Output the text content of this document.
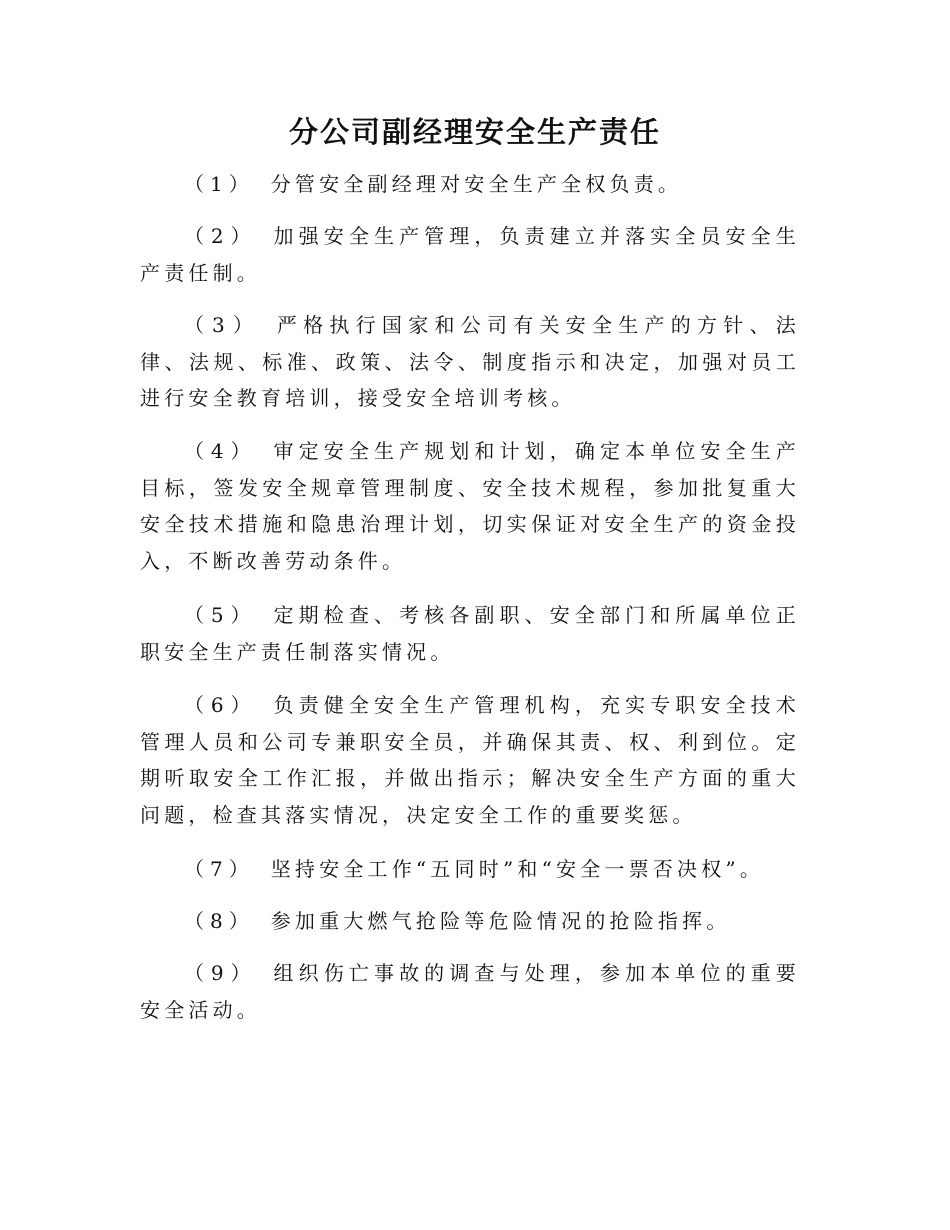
分公司副经理安全生产责任

（1） 分管安全副经理对安全生产全权负责。

（2） 加强安全生产管理，负责建立并落实全员安全生产责任制。

（3） 严格执行国家和公司有关安全生产的方针、法律、法规、标准、政策、法令、制度指示和决定，加强对员工进行安全教育培训，接受安全培训考核。

（4） 审定安全生产规划和计划，确定本单位安全生产目标，签发安全规章管理制度、安全技术规程，参加批复重大安全技术措施和隐患治理计划，切实保证对安全生产的资金投入，不断改善劳动条件。

（5） 定期检查、考核各副职、安全部门和所属单位正职安全生产责任制落实情况。

（6） 负责健全安全生产管理机构，充实专职安全技术管理人员和公司专兼职安全员，并确保其责、权、利到位。定期听取安全工作汇报，并做出指示；解决安全生产方面的重大问题，检查其落实情况，决定安全工作的重要奖惩。

（7） 坚持安全工作“五同时”和“安全一票否决权”。

（8） 参加重大燃气抢险等危险情况的抢险指挥。

（9） 组织伤亡事故的调查与处理，参加本单位的重要安全活动。
